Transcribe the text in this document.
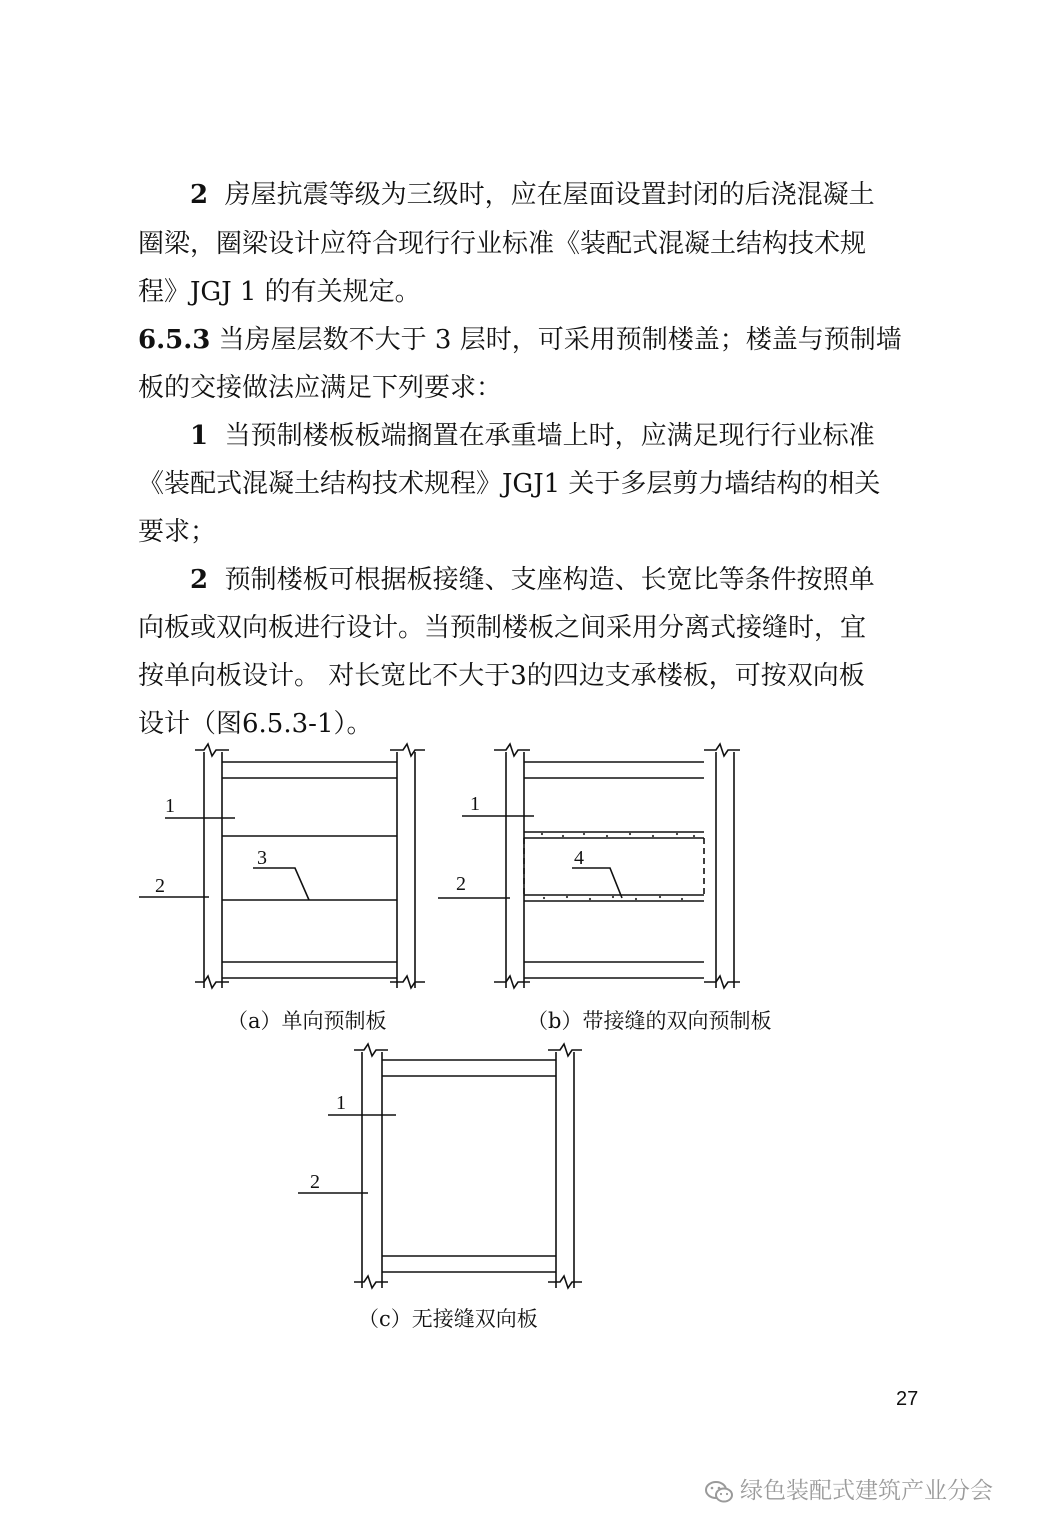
2 房屋抗震等级为三级时，应在屋面设置封闭的后浇混凝土
圈梁，圈梁设计应符合现行行业标准《装配式混凝土结构技术规
程》JGJ 1 的有关规定。
6.5.3 当房屋层数不大于 3 层时，可采用预制楼盖；楼盖与预制墙
板的交接做法应满足下列要求：
1 当预制楼板板端搁置在承重墙上时，应满足现行行业标准
《装配式混凝土结构技术规程》JGJ1 关于多层剪力墙结构的相关
要求；
2 预制楼板可根据板接缝、支座构造、长宽比等条件按照单
向板或双向板进行设计。当预制楼板之间采用分离式接缝时，宜
按单向板设计。 对长宽比不大于3的四边支承楼板，可按双向板
设计（图6.5.3-1）。
1
2
3
（a）单向预制板
1
2
4
（b）带接缝的双向预制板
1
2
（c）无接缝双向板
27
绿色装配式建筑产业分会
